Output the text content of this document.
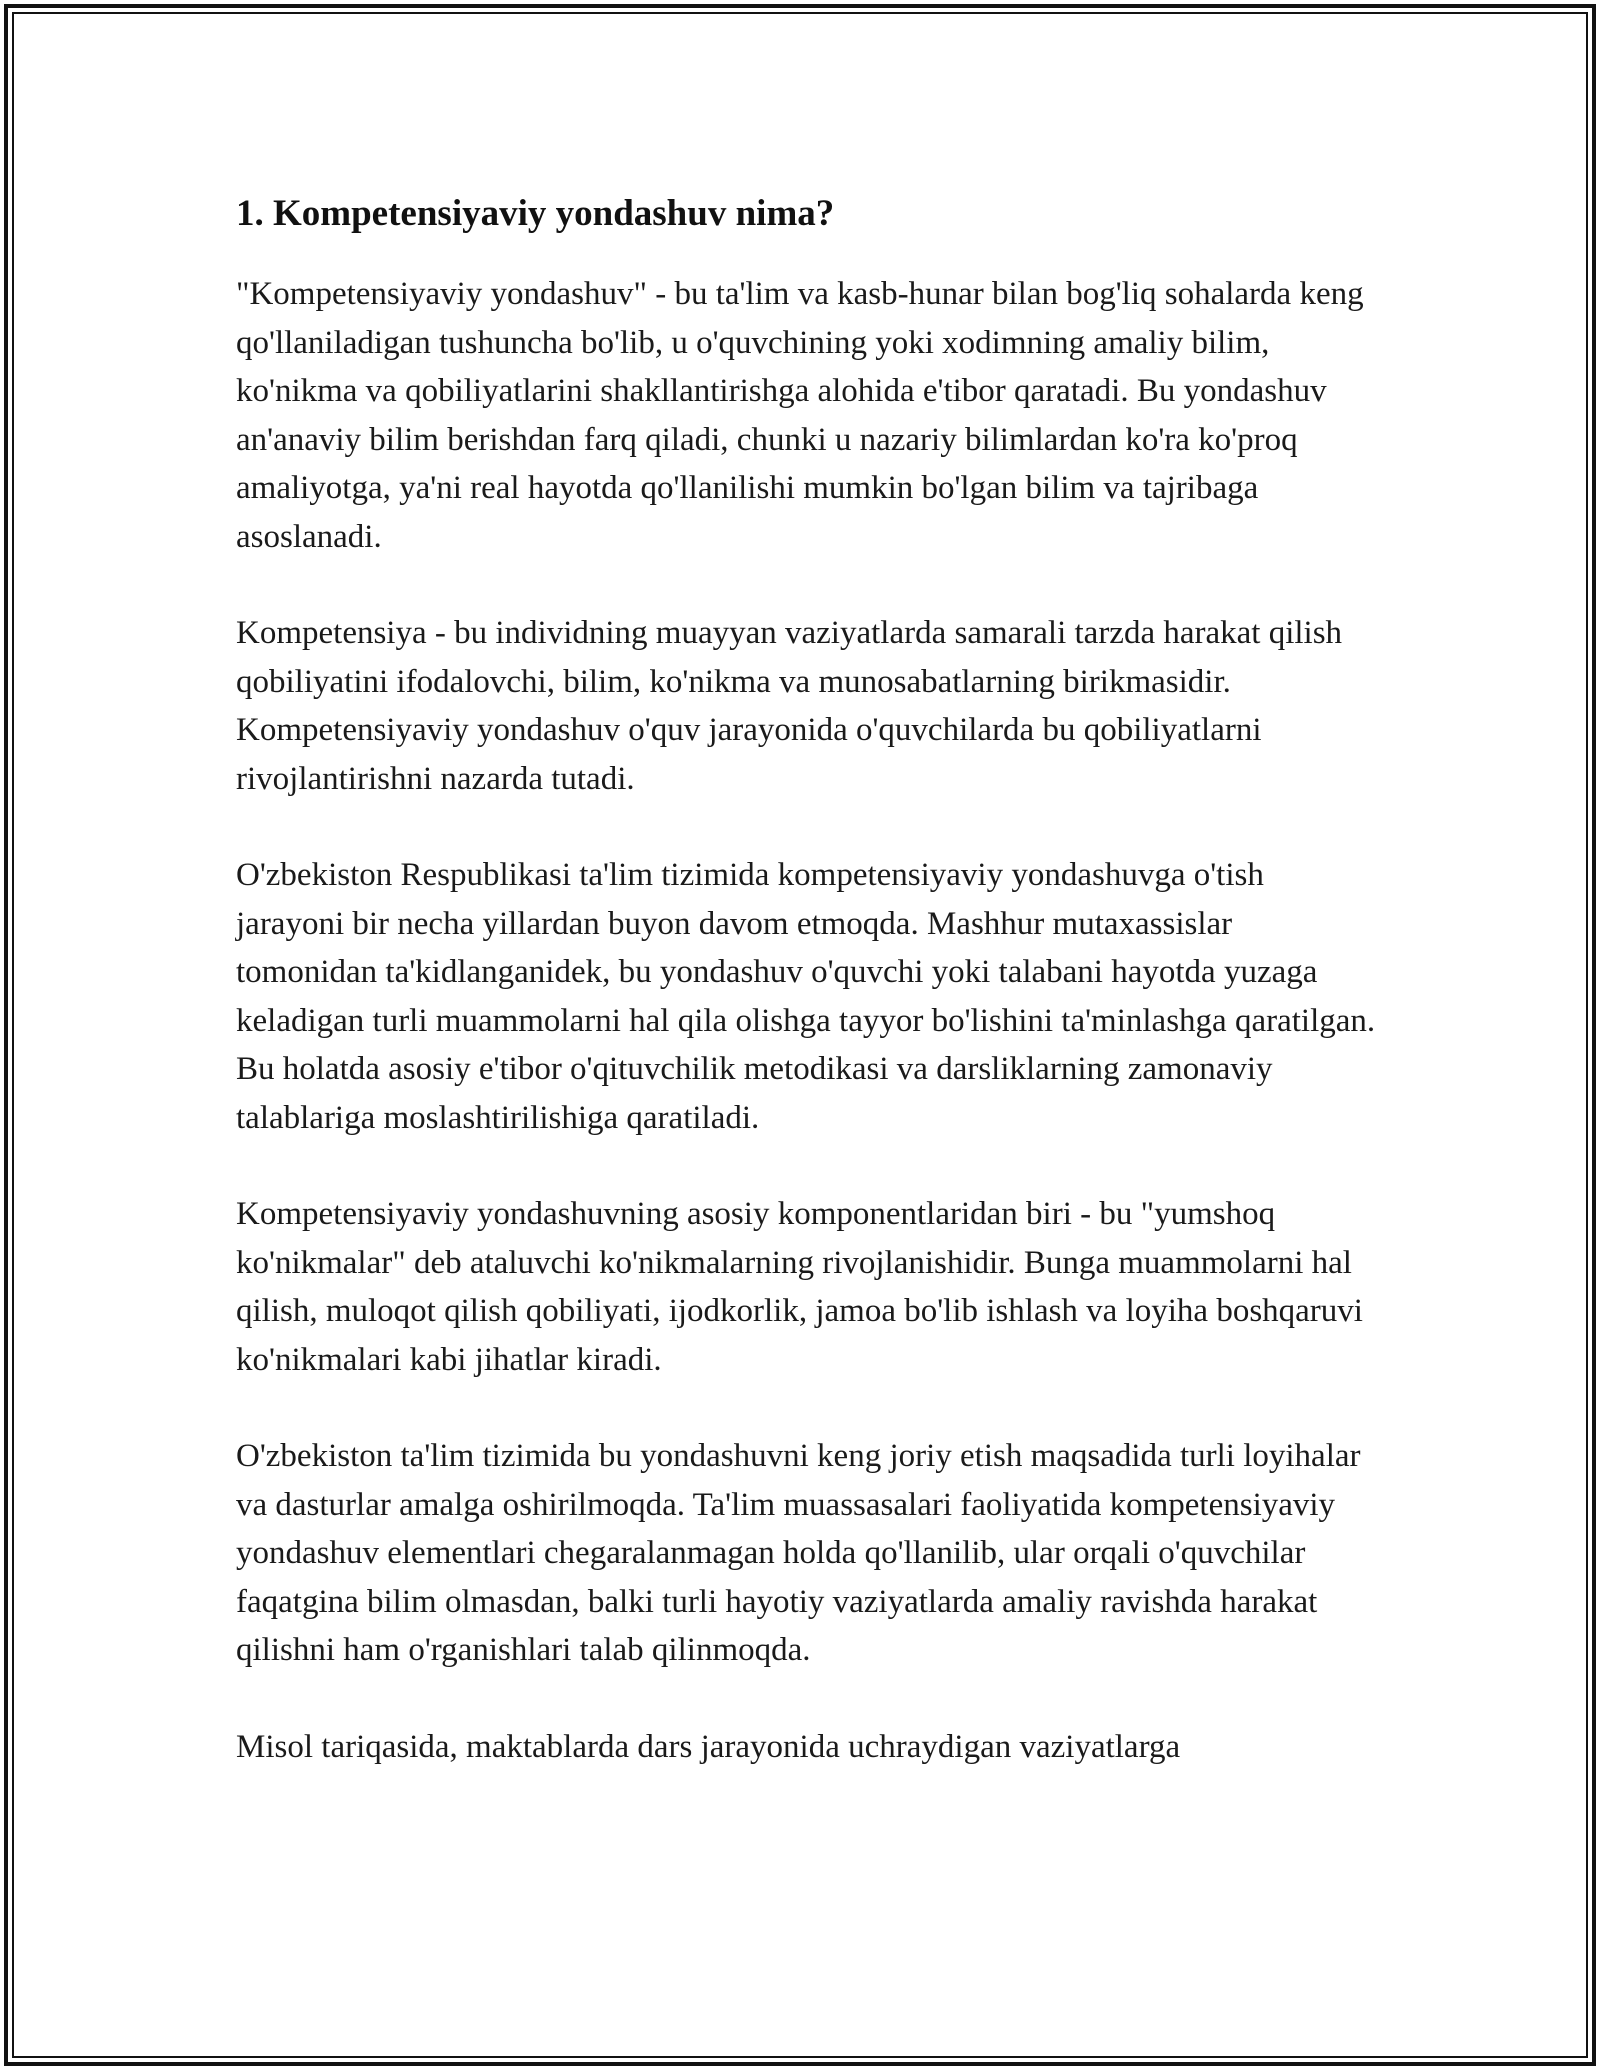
1. Kompetensiyaviy yondashuv nima?

"Kompetensiyaviy yondashuv" - bu ta'lim va kasb-hunar bilan bog'liq sohalarda keng qo'llaniladigan tushuncha bo'lib, u o'quvchining yoki xodimning amaliy bilim, ko'nikma va qobiliyatlarini shakllantirishga alohida e'tibor qaratadi. Bu yondashuv an'anaviy bilim berishdan farq qiladi, chunki u nazariy bilimlardan ko'ra ko'proq amaliyotga, ya'ni real hayotda qo'llanilishi mumkin bo'lgan bilim va tajribaga asoslanadi.

Kompetensiya - bu individning muayyan vaziyatlarda samarali tarzda harakat qilish qobiliyatini ifodalovchi, bilim, ko'nikma va munosabatlarning birikmasidir. Kompetensiyaviy yondashuv o'quv jarayonida o'quvchilarda bu qobiliyatlarni rivojlantirishni nazarda tutadi.

O'zbekiston Respublikasi ta'lim tizimida kompetensiyaviy yondashuvga o'tish jarayoni bir necha yillardan buyon davom etmoqda. Mashhur mutaxassislar tomonidan ta'kidlanganidek, bu yondashuv o'quvchi yoki talabani hayotda yuzaga keladigan turli muammolarni hal qila olishga tayyor bo'lishini ta'minlashga qaratilgan. Bu holatda asosiy e'tibor o'qituvchilik metodikasi va darsliklarning zamonaviy talablariga moslashtirilishiga qaratiladi.

Kompetensiyaviy yondashuvning asosiy komponentlaridan biri - bu "yumshoq ko'nikmalar" deb ataluvchi ko'nikmalarning rivojlanishidir. Bunga muammolarni hal qilish, muloqot qilish qobiliyati, ijodkorlik, jamoa bo'lib ishlash va loyiha boshqaruvi ko'nikmalari kabi jihatlar kiradi.

O'zbekiston ta'lim tizimida bu yondashuvni keng joriy etish maqsadida turli loyihalar va dasturlar amalga oshirilmoqda. Ta'lim muassasalari faoliyatida kompetensiyaviy yondashuv elementlari chegaralanmagan holda qo'llanilib, ular orqali o'quvchilar faqatgina bilim olmasdan, balki turli hayotiy vaziyatlarda amaliy ravishda harakat qilishni ham o'rganishlari talab qilinmoqda.

Misol tariqasida, maktablarda dars jarayonida uchraydigan vaziyatlarga
